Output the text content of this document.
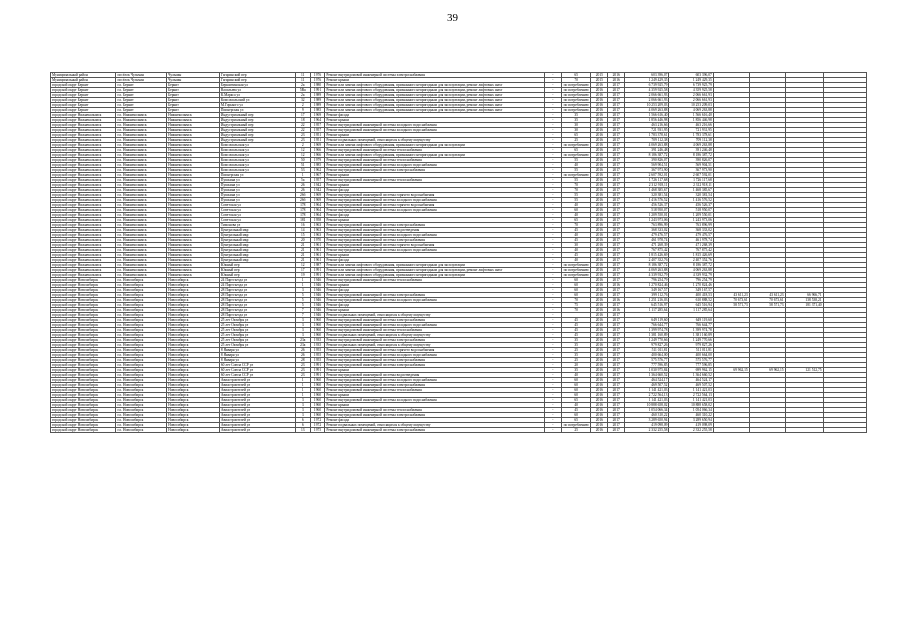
39
Муниципальный район	посёлок Чульман	Чульман	Гагаринский пер	11	1976	Ремонт внутридомовой инженерной системы электроснабжения	-	65	2015	2016	603 396,07	603 396,07				
Муниципальный район	посёлок Чульман	Чульман	Гагаринский пер	11	1976	Ремонт крыши	-	70	2015	2016	1 249 429,35	1 249 429,35				
городской округ Беркит	г.о. Беркит	Беркит	Беркаитинская ул	2а	1980	Ремонт или замена лифтового оборудования, признанного непригодным для эксплуатации, ремонт лифтовых шахт	-	по потреблению	2016	2017	6 739 925,79	6 739 925,79				
городской округ Беркит	г.о. Беркит	Беркит	Васильева ул	5Ва	1991	Ремонт или замена лифтового оборудования, признанного непригодным для эксплуатации, ремонт лифтовых шахт	-	по потреблению	2016	2017	4 359 925,58	4 359 925,58				
городской округ Беркит	г.о. Беркит	Беркит	К.Маркса ул	2а	1989	Ремонт или замена лифтового оборудования, признанного непригодным для эксплуатации, ремонт лифтовых шахт	-	по потреблению	2016	2017	2 066 661,93	2 066 661,93				
городской округ Беркит	г.о. Беркит	Беркит	Комсомольский ул	32	1989	Ремонт или замена лифтового оборудования, признанного непригодным для эксплуатации, ремонт лифтовых шахт	-	по потреблению	2016	2017	2 066 661,93	2 066 661,93				
городской округ Беркит	г.о. Беркит	Беркит	М.Горького ул	2	1989	Ремонт или замена лифтового оборудования, признанного непригодным для эксплуатации, ремонт лифтовых шахт	-	по потреблению	2016	2017	10 253 209,03	10 253 209,03				
городской округ Беркит	г.о. Беркит	Беркит	Пионерская ул	9	1985	Ремонт или замена лифтового оборудования, признанного непригодным для эксплуатации, ремонт лифтовых шахт	-	по потреблению	2016	2017	4 069 263,88	4 069 263,88				
городской округ Нижнеколымск	г.о. Нижнеколымск	Нижнеколымск	Индустриальный пер	17	1969	Ремонт фасада	-	35	2016	2017	1 566 616,40	1 566 616,40				
городской округ Нижнеколымск	г.о. Нижнеколымск	Нижнеколымск	Индустриальный пер	18	1964	Ремонт крыши	-	35	2016	2017	1 856 446,98	1 856 446,98				
городской округ Нижнеколымск	г.о. Нижнеколымск	Нижнеколымск	Индустриальный пер	22	1957	Ремонт внутридомовой инженерной системы холодного водоснабжения	-	30	2016	2017	463 216,66	463 216,66				
городской округ Нижнеколымск	г.о. Нижнеколымск	Нижнеколымск	Индустриальный пер	22	1957	Ремонт внутридомовой инженерной системы холодного водоснабжения	-	30	2016	2017	721 931,95	721 931,95				
городской округ Нижнеколымск	г.о. Нижнеколымск	Нижнеколымск	Индустриальный пер	23	1951	Ремонт крыши	-	65	2016	2017	1 783 378,61	1 783 378,61				
городской округ Нижнеколымск	г.о. Нижнеколымск	Нижнеколымск	Индустриальный пер	23	1951	Ремонт подвальных помещений, относящихся к общему имуществу	-	25	2016	2017	709 112,38	709 112,38				
городской округ Нижнеколымск	г.о. Нижнеколымск	Нижнеколымск	Комсомольская ул	2	1969	Ремонт или замена лифтового оборудования, признанного непригодным для эксплуатации	-	по потреблению	2016	2017	4 069 263,88	4 069 263,88				
городской округ Нижнеколымск	г.о. Нижнеколымск	Нижнеколымск	Комсомольская ул	12	1966	Ремонт внутридомовой инженерной системы теплоснабжения	-	65	2016	2017	391 246,48	391 246,48				
городской округ Нижнеколымск	г.о. Нижнеколымск	Нижнеколымск	Комсомольская ул	12	1966	Ремонт или замена лифтового оборудования, признанного непригодным для эксплуатации	-	по потреблению	2016	2017	8 186 387,72	8 186 387,72				
городской округ Нижнеколымск	г.о. Нижнеколымск	Нижнеколымск	Комсомольская ул	50	1979	Ремонт внутридомовой инженерной системы теплоснабжения	-	55	2016	2017	390 826,07	390 826,07				
городской округ Нижнеколымск	г.о. Нижнеколымск	Нижнеколымск	Комсомольская ул	51	1985	Ремонт внутридомовой инженерной системы холодного водоснабжения	-	40	2016	2017	569 904,51	569 904,51				
городской округ Нижнеколымск	г.о. Нижнеколымск	Нижнеколымск	Комсомольская ул	53	1962	Ремонт внутридомовой инженерной системы электроснабжения	-	55	2016	2017	367 973,90	367 973,90				
городской округ Нижнеколымск	г.о. Нижнеколымск	Нижнеколымск	Пионерская ул	1	1967	Ремонт крыши	-	по потреблению	2016	2017	2 607 592,01	2 607 592,01				
городской округ Нижнеколымск	г.о. Нижнеколымск	Нижнеколымск	Пушкина ул	5а	1957	Ремонт внутридомовой инженерной системы теплоснабжения	-	55	2016	2017	1 726 117,68	1 726 117,68				
городской округ Нижнеколымск	г.о. Нижнеколымск	Нижнеколымск	Пушкина ул	26	1942	Ремонт крыши	-	70	2016	2017	2 312 918,11	2 312 918,11				
городской округ Нижнеколымск	г.о. Нижнеколымск	Нижнеколымск	Пушкина ул	26	1942	Ремонт фасада	-	70	2016	2017	1 468 385,67	1 468 385,67				
городской округ Нижнеколымск	г.о. Нижнеколымск	Нижнеколымск	Пушкина ул	26б	1969	Ремонт внутридомовой инженерной системы горячего водоснабжения	-	55	2016	2017	320 381,54	320 381,54				
городской округ Нижнеколымск	г.о. Нижнеколымск	Нижнеколымск	Пушкина ул	26б	1969	Ремонт внутридомовой инженерной системы холодного водоснабжения	-	55	2016	2017	1 416 576,52	1 416 576,52				
городской округ Нижнеколымск	г.о. Нижнеколымск	Нижнеколымск	Советская ул	178	1964	Ремонт внутридомовой инженерной системы горячего водоснабжения	-	40	2016	2017	456 526,37	456 526,37				
городской округ Нижнеколымск	г.о. Нижнеколымск	Нижнеколымск	Советская ул	178	1964	Ремонт внутридомовой инженерной системы холодного водоснабжения	-	60	2016	2017	518 950,07	518 950,07				
городской округ Нижнеколымск	г.о. Нижнеколымск	Нижнеколымск	Советская ул	178	1964	Ремонт фасада	-	40	2016	2017	1 209 550,01	1 209 550,01				
городской округ Нижнеколымск	г.о. Нижнеколымск	Нижнеколымск	Советская ул	181	1958	Ремонт крыши	-	65	2016	2017	1 243 973,06	1 243 973,06				
городской округ Нижнеколымск	г.о. Нижнеколымск	Нижнеколымск	Тимонова ул	16	1963	Ремонт внутридомовой инженерной системы электроснабжения	-	70	2016	2017	763 896,99	763 896,99				
городской округ Нижнеколымск	г.о. Нижнеколымск	Нижнеколымск	Центральный мкр	14	1963	Ремонт внутридомовой инженерной системы водоотведения	-	45	2016	2017	368 333,02	368 333,02				
городской округ Нижнеколымск	г.о. Нижнеколымск	Нижнеколымск	Центральный мкр	15	1963	Ремонт внутридомовой инженерной системы холодного водоснабжения	-	40	2016	2017	479 476,57	479 476,57				
городской округ Нижнеколымск	г.о. Нижнеколымск	Нижнеколымск	Центральный мкр	20	1970	Ремонт внутридомовой инженерной системы электроснабжения	-	45	2016	2017	461 978,74	461 978,74				
городской округ Нижнеколымск	г.о. Нижнеколымск	Нижнеколымск	Центральный мкр	21	1961	Ремонт внутридомовой инженерной системы горячего водоснабжения	-	30	2016	2017	471 268,39	471 268,39				
городской округ Нижнеколымск	г.о. Нижнеколымск	Нижнеколымск	Центральный мкр	21	1961	Ремонт внутридомовой инженерной системы холодного водоснабжения	-	40	2016	2017	767 875,42	767 875,42				
городской округ Нижнеколымск	г.о. Нижнеколымск	Нижнеколымск	Центральный мкр	21	1961	Ремонт крыши	-	45	2016	2017	1 815 426,69	1 815 426,69				
городской округ Нижнеколымск	г.о. Нижнеколымск	Нижнеколымск	Центральный мкр	21	1961	Ремонт фасада	-	40	2016	2017	2 407 352,76	2 407 352,76				
городской округ Нижнеколымск	г.о. Нижнеколымск	Нижнеколымск	Южный пер	12	1987	Ремонт или замена лифтового оборудования, признанного непригодным для эксплуатации	-	по потреблению	2016	2017	8 186 387,72	8 186 387,72				
городской округ Нижнеколымск	г.о. Нижнеколымск	Нижнеколымск	Южный пер	17	1991	Ремонт или замена лифтового оборудования, признанного непригодным для эксплуатации, ремонт лифтовых шахт	-	по потреблению	2016	2017	4 069 263,88	4 069 263,88				
городской округ Нижнеколымск	г.о. Нижнеколымск	Нижнеколымск	Южный пер	19	1991	Ремонт или замена лифтового оборудования, признанного непригодным для эксплуатации	-	по потреблению	2016	2017	4 339 932,79	4 339 932,79				
городской округ Новосибирск	г.о. Новосибирск	Новосибирск	24 Партсъезда ул	1	1946	Ремонт внутридомовой инженерной системы теплоснабжения	-	60	2016	2017	796 254,79	796 254,79				
городской округ Новосибирск	г.о. Новосибирск	Новосибирск	24 Партсъезда ул	1	1946	Ремонт крыши	-	60	2016	2016	1 270 824,46	1 270 824,46				
городской округ Новосибирск	г.о. Новосибирск	Новосибирск	28 Партсъезда ул	3	1946	Ремонт фасада	-	60	2016	2017	349 167,57	349 167,57				
городской округ Новосибирск	г.о. Новосибирск	Новосибирск	28 Партсъезда ул	5	1946	Ремонт внутридомовой инженерной системы электроснабжения	-	60	2016	2017	399 112,76	400 418,53	43 611,23	43 611,23	66 966,71	
городской округ Новосибирск	г.о. Новосибирск	Новосибирск	28 Партсъезда ул	5	1946	Ремонт внутридомовой инженерной системы холодного водоснабжения	-	70	2016	2016	1 251 216,03	610 888,52	70 673,61	70 673,61	138 538,21	
городской округ Новосибирск	г.о. Новосибирск	Новосибирск	28 Партсъезда ул	5	1946	Ремонт фасада	-	75	2016	2017	645 516,97	645 516,94	58 571,73	58 571,73	181 371,40	
городской округ Новосибирск	г.о. Новосибирск	Новосибирск	28 Партсъезда ул	7	1946	Ремонт крыши	-	70	2016	2016	1 117 285,64	1 117 285,64				
городской округ Новосибирск	г.о. Новосибирск	Новосибирск	28 Партсъезда ул	7	1946	Ремонт подвальных помещений, относящихся к общему имуществу	-		2016	2017						
городской округ Новосибирск	г.о. Новосибирск	Новосибирск	25 лет Октября ул	3	1960	Ремонт внутридомовой инженерной системы электроснабжения	-	45	2016	2017	649 119,60	649 119,60				
городской округ Новосибирск	г.о. Новосибирск	Новосибирск	25 лет Октября ул	3	1960	Ремонт внутридомовой инженерной системы холодного водоснабжения	-	45	2016	2017	766 644,77	766 644,77				
городской округ Новосибирск	г.о. Новосибирск	Новосибирск	25 лет Октября ул	3	1960	Ремонт внутридомовой инженерной системы теплоснабжения	-	45	2016	2017	1 399 974,78	1 399 974,78				
городской округ Новосибирск	г.о. Новосибирск	Новосибирск	25 лет Октября ул	3	1960	Ремонт подвальных помещений, относящихся к общему имуществу	-	45	2016	2017	1 381 160,89	1 381 160,89				
городской округ Новосибирск	г.о. Новосибирск	Новосибирск	25 лет Октября ул	23а	1935	Ремонт внутридомовой инженерной системы электроснабжения	-	35	2016	2017	1 249 770,66	1 249 770,66				
городской округ Новосибирск	г.о. Новосибирск	Новосибирск	25 лет Октября ул	23а	1935	Ремонт подвальных помещений, относящихся к общему имуществу	-	35	2016	2017	979 827,26	979 827,26				
городской округ Новосибирск	г.о. Новосибирск	Новосибирск	8 Января ул	26	1955	Ремонт внутридомовой инженерной системы горячего водоснабжения	-	25	2016	2017	511 011,81	511 011,81				
городской округ Новосибирск	г.о. Новосибирск	Новосибирск	8 Января ул	26	1955	Ремонт внутридомовой инженерной системы холодного водоснабжения	-	35	2016	2017	400 664,00	400 664,00				
городской округ Новосибирск	г.о. Новосибирск	Новосибирск	8 Января ул	28	1955	Ремонт внутридомовой инженерной системы электроснабжения	-	25	2016	2017	575 576,77	575 576,77				
городской округ Новосибирск	г.о. Новосибирск	Новосибирск	60 лет Союза ССР ул	23	1991	Ремонт внутридомовой инженерной системы электроснабжения	-	20	2016	2017	777 596,85	777 596,85				
городской округ Новосибирск	г.о. Новосибирск	Новосибирск	60 лет Союза ССР ул	23	1991	Ремонт крыши	-	35	2016	2017	1 030 975,84	699 962,15	69 962,15	69 962,15	121 512,75	
городской округ Новосибирск	г.о. Новосибирск	Новосибирск	60 лет Союза ССР ул	23	1991	Ремонт внутридомовой инженерной системы водоотведения	-	40	2016	2017	1 364 660,52	1 364 660,52				
городской округ Новосибирск	г.о. Новосибирск	Новосибирск	Авиастроителей ул	1	1960	Ремонт внутридомовой инженерной системы холодного водоснабжения	-	60	2016	2017	464 524,17	464 524,17				
городской округ Новосибирск	г.о. Новосибирск	Новосибирск	Авиастроителей ул	1	1960	Ремонт внутридомовой инженерной системы электроснабжения	-	60	2016	2017	469 507,52	469 507,52				
городской округ Новосибирск	г.о. Новосибирск	Новосибирск	Авиастроителей ул	1	1960	Ремонт внутридомовой инженерной системы теплоснабжения	-	60	2016	2017	1 141 421,03	1 141 421,03				
городской округ Новосибирск	г.о. Новосибирск	Новосибирск	Авиастроителей ул	1	1960	Ремонт крыши	-	60	2016	2017	2 722 564,13	2 722 564,13				
городской округ Новосибирск	г.о. Новосибирск	Новосибирск	Авиастроителей ул	3	1960	Ремонт внутридомовой инженерной системы холодного водоснабжения	-	65	2016	2017	1 141 421,03	1 141 421,03				
городской округ Новосибирск	г.о. Новосибирск	Новосибирск	Авиастроителей ул	3	1960	Ремонт крыши	-	40	2016	2017	10 888 658,02	10 888 658,02				
городской округ Новосибирск	г.о. Новосибирск	Новосибирск	Авиастроителей ул	3	1960	Ремонт внутридомовой инженерной системы теплоснабжения	-	45	2016	2017	1 054 066,34	1 054 066,34				
городской округ Новосибирск	г.о. Новосибирск	Новосибирск	Авиастроителей ул	3	1960	Ремонт внутридомовой инженерной системы электроснабжения	-	60	2016	2017	460 310,22	460 310,22				
городской округ Новосибирск	г.о. Новосибирск	Новосибирск	Авиастроителей ул	6	1972	Ремонт фасада	-	65	2016	2017	3 289 650,94	3 289 650,94				
городской округ Новосибирск	г.о. Новосибирск	Новосибирск	Авиастроителей ул	6	1972	Ремонт подвальных помещений, относящихся к общему имуществу	-	по потреблению	2016	2017	419 098,09	419 098,09				
городской округ Новосибирск	г.о. Новосибирск	Новосибирск	Авиастроителей ул	13	1975	Ремонт внутридомовой инженерной системы электроснабжения	-	25	2016	2017	2 332 255,58	2 332 255,58				
